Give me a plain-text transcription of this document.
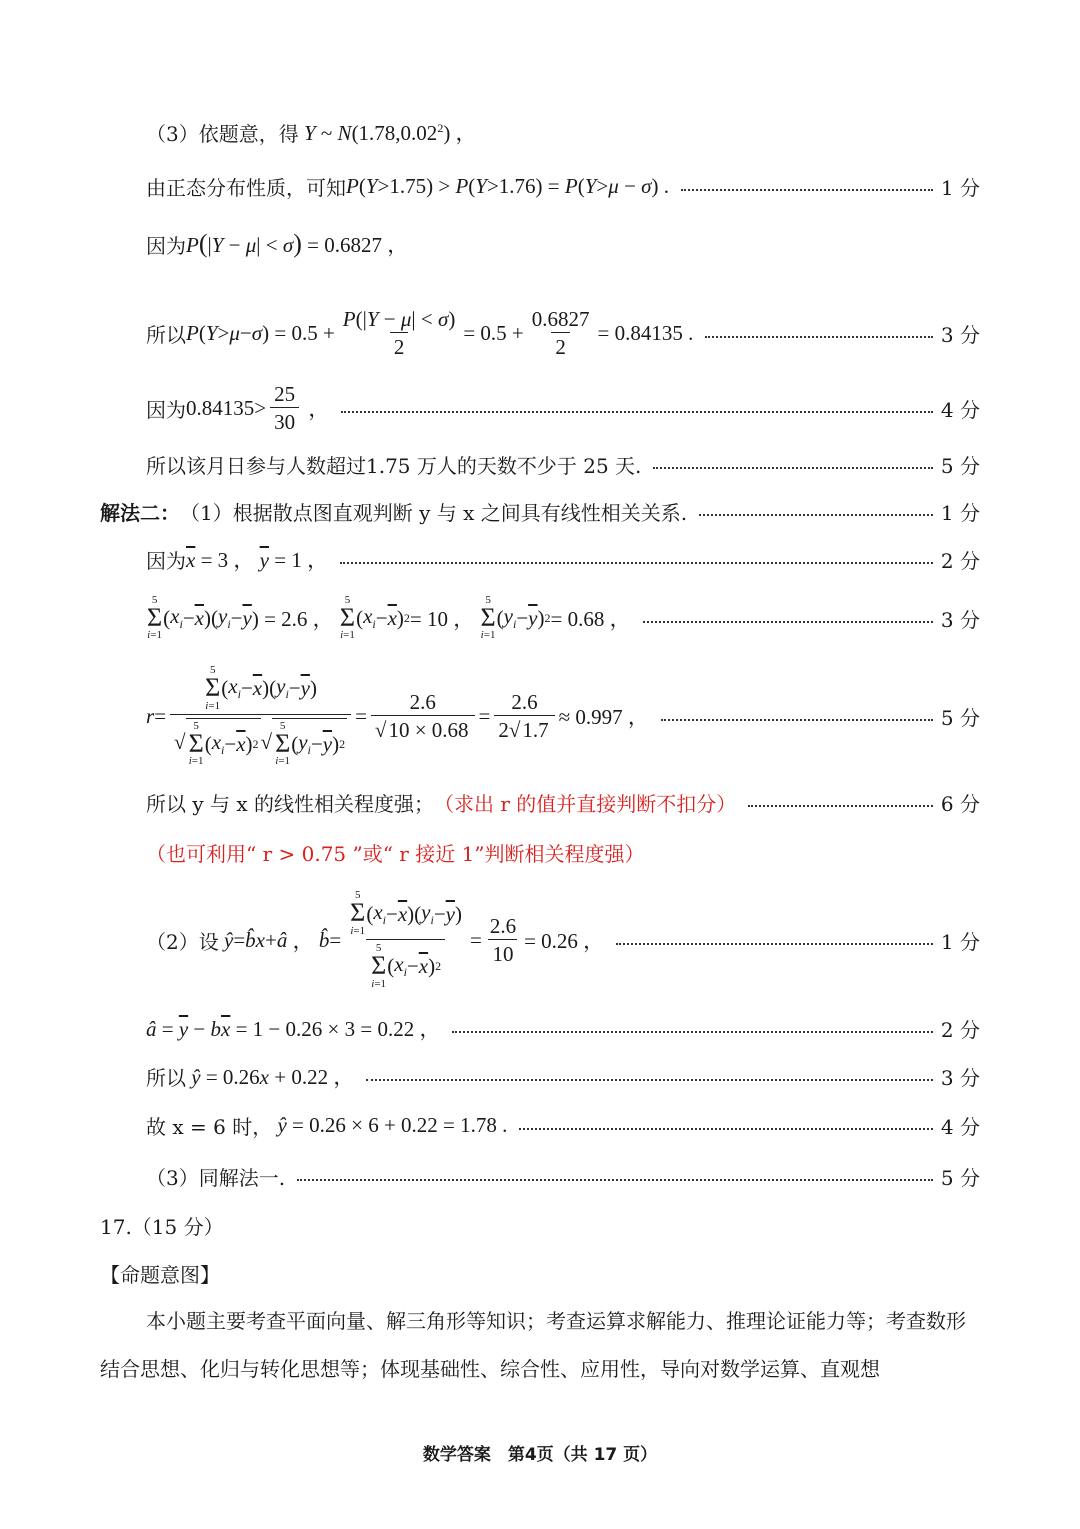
（3）依题意，得 Y ~ N(1.78,0.02$^2$) ，
由正态分布性质，可知 P(Y>1.75) > P(Y>1.76) = P(Y>μ − σ) .	1 分
因为 P(|Y − μ| < σ) = 0.6827 ，
所以 P ( Y > μ − σ ) = $0.5 + \frac{P(|Y - \mu| < \sigma)}{2} = 0.5 + \frac{0.6827}{2} = 0.84135$ .	3 分
因为 $0.84135> \frac{25}{30}$ ，	4 分
所以该月日参与人数超过1.75 万人的天数不少于 25 天.	5 分
解法二： （1）根据散点图直观判断 y 与 x 之间具有线性相关关系.	1 分
因为 $\overline{x} = 3$ ， $\overline{y} = 1$ ，	2 分
5
Σ
i=1
( $x_i - \overline{x}$ )( $y_i - \overline{y}$ ) = 2.6 ，
5
Σ
i=1
( $x_i - \overline{x}$ ) 2 = 10 ，
5
Σ
i=1
( $y_i - \overline{y}$ ) 2 = 0.68 ，	3 分
r = 5
Σ
i=1
( $x_i - \overline{x}$ )( $y_i - \overline{y}$ )
√
5
Σ
i=1
( $x_i - \overline{x}$ ) 2 √
5
Σ
i=1
( $y_i - \overline{y}$ ) $2 = \frac{2.6}{√10 \times 0.68} = \frac{2.6}{2√1.7} \approx 0.997$ ，	5 分
所以 y 与 x 的线性相关程度强； （求出 r 的值并直接判断不扣分）	6 分
（也可利用“ r > 0.75 ”或“ r 接近 1”判断相关程度强）
（2）设
ŷ = b̂x + â ， b̂ = 5
Σ
i=1
( $x_i - \overline{x}$ )( $y_i - \overline{y}$ )
5
Σ
i=1
( $x_i - \overline{x}$ ) $2 = \frac{2.6}{10} = 0.26$ ，	1 分
â = $\overline{y} - b\overline{x} = 1 - 0.26 \times 3 = 0.22$ ，	2 分
所以 ŷ = 0.26x + 0.22 ，	3 分
故 x = 6 时， ŷ = 0.26 × 6 + 0.22 = 1.78 .	4 分
（3）同解法一.	5 分
17.（15 分）
【命题意图】
本小题主要考查平面向量、解三角形等知识；考查运算求解能力、推理论证能力等；考查数形结合思想、化归与转化思想等；体现基础性、综合性、应用性，导向对数学运算、直观想
数学答案　第4页（共 17 页）
